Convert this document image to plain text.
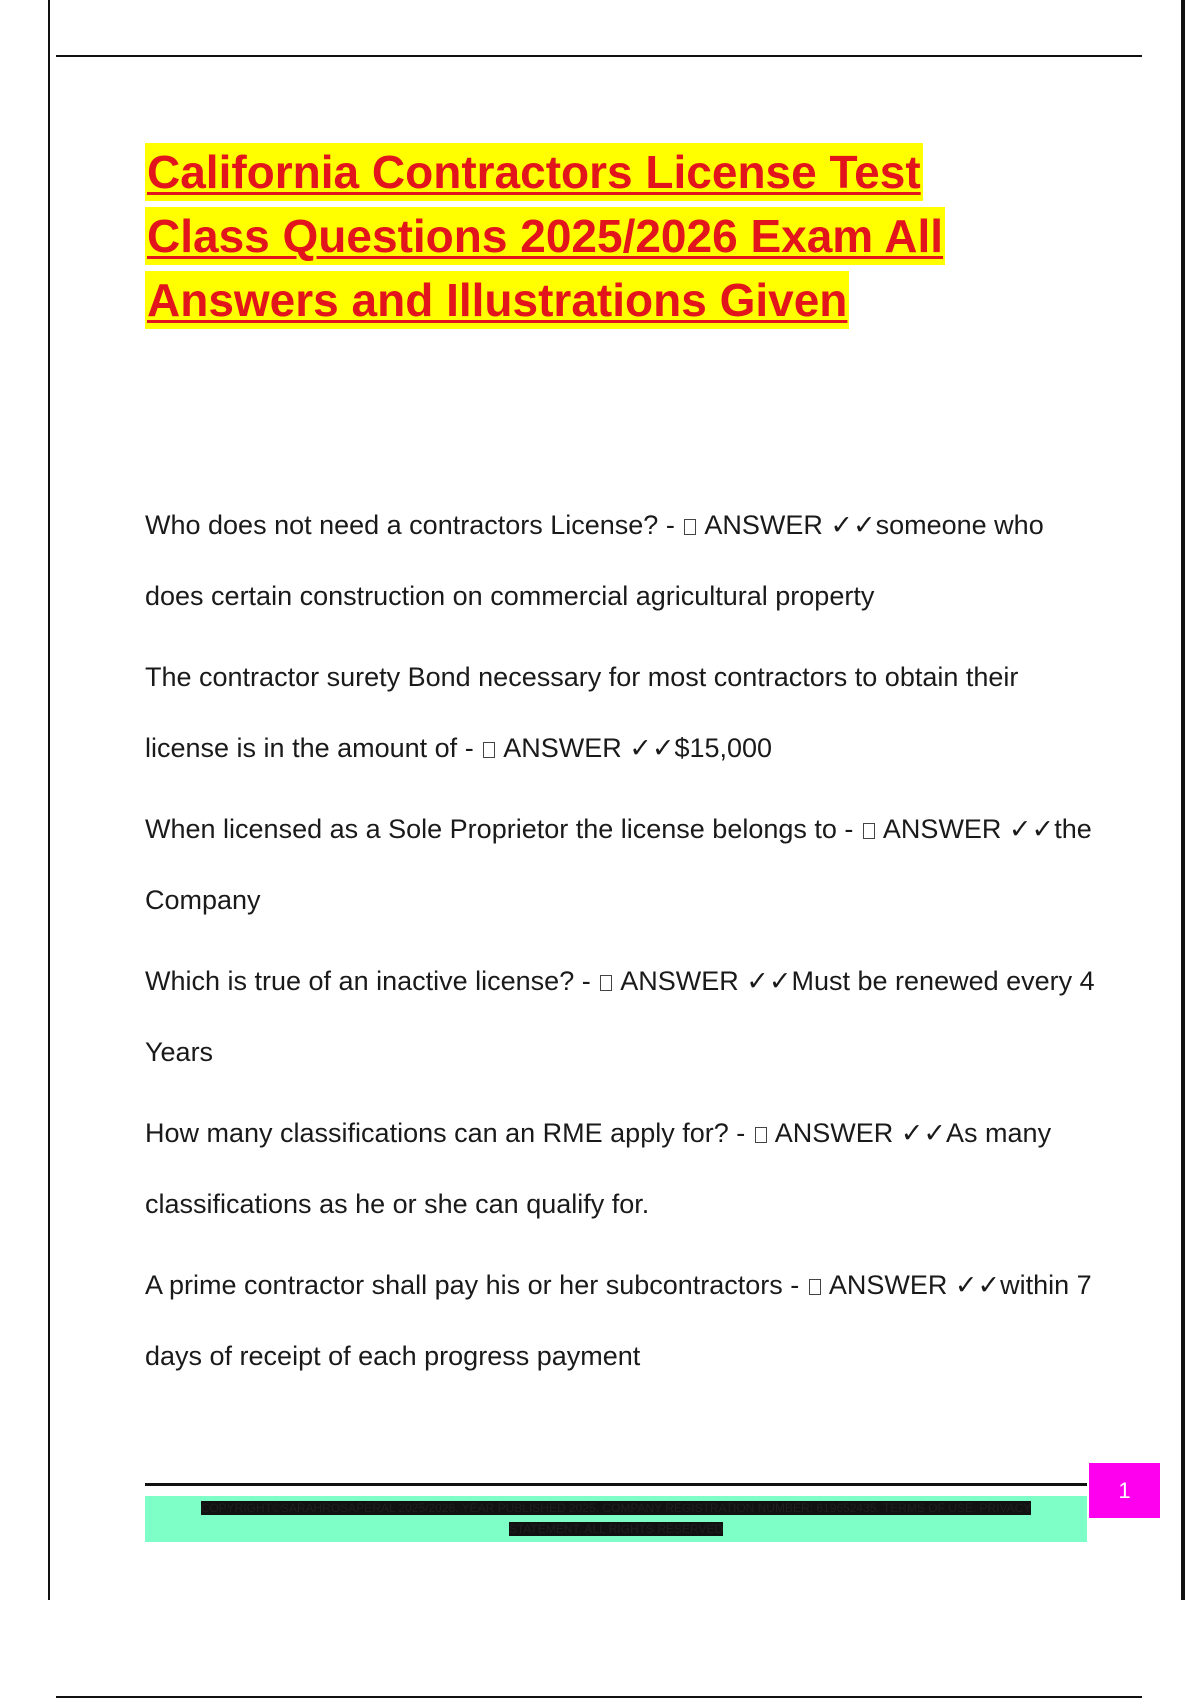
California Contractors License Test
Class Questions 2025/2026 Exam All
Answers and Illustrations Given
Who does not need a contractors License? -  ANSWER ✓✓someone who does certain construction on commercial agricultural property
The contractor surety Bond necessary for most contractors to obtain their license is in the amount of -  ANSWER ✓✓$15,000
When licensed as a Sole Proprietor the license belongs to -  ANSWER ✓✓the Company
Which is true of an inactive license? -  ANSWER ✓✓Must be renewed every 4 Years
How many classifications can an RME apply for? -  ANSWER ✓✓As many classifications as he or she can qualify for.
A prime contractor shall pay his or her subcontractors -  ANSWER ✓✓within 7 days of receipt of each progress payment
COPYRIGHT©SARAHROSAPERAL 2025/2026. YEAR PUBLISHED 2025. COMPANY REGISTRATION NUMBER: 619652435. TERMS OF USE. PRIVACY STATEMENT. ALL RIGHTS RESERVED
1
